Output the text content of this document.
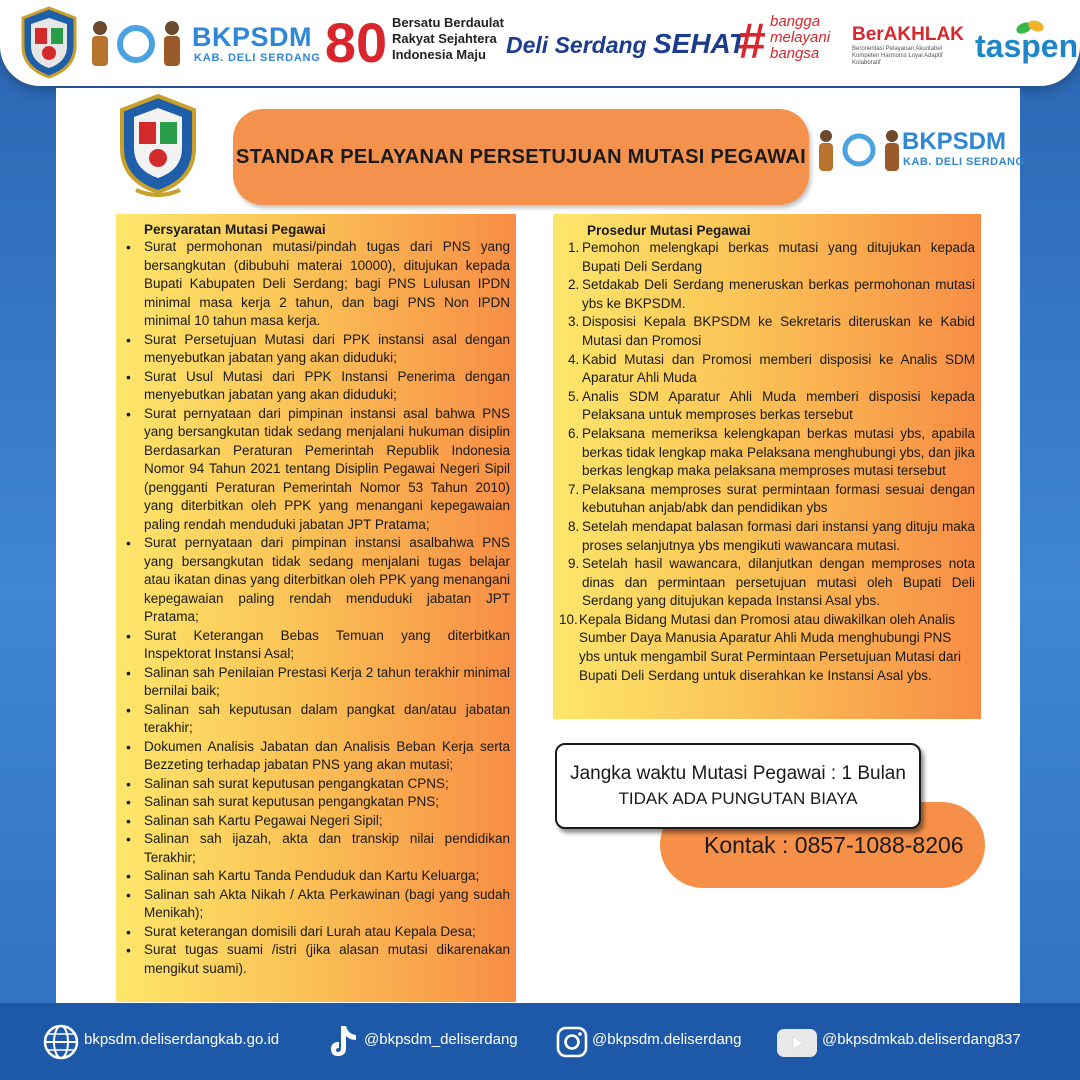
BKPSDM
KAB. DELI SERDANG 80 Bersatu Berdaulat
Rakyat Sejahtera
Indonesia Maju Deli Serdang SEHAT
# bangga
melayani
bangsa
BerAKHLAK
Berorientasi Pelayanan Akuntabel Kompeten Harmonis Loyal Adaptif Kolaboratif	taspen
STANDAR PELAYANAN PERSETUJUAN MUTASI PEGAWAI
BKPSDM
KAB. DELI SERDANG
Persyaratan Mutasi Pegawai
• Surat permohonan mutasi/pindah tugas dari PNS yang bersangkutan (dibubuhi materai 10000), ditujukan kepada Bupati Kabupaten Deli Serdang; bagi PNS Lulusan IPDN minimal masa kerja 2 tahun, dan bagi PNS Non IPDN minimal 10 tahun masa kerja.
• Surat Persetujuan Mutasi dari PPK instansi asal dengan menyebutkan jabatan yang akan diduduki;
• Surat Usul Mutasi dari PPK Instansi Penerima dengan menyebutkan jabatan yang akan diduduki;
• Surat pernyataan dari pimpinan instansi asal bahwa PNS yang bersangkutan tidak sedang menjalani hukuman disiplin Berdasarkan Peraturan Pemerintah Republik Indonesia Nomor 94 Tahun 2021 tentang Disiplin Pegawai Negeri Sipil (pengganti Peraturan Pemerintah Nomor 53 Tahun 2010) yang diterbitkan oleh PPK yang menangani kepegawaian paling rendah menduduki jabatan JPT Pratama;
• Surat pernyataan dari pimpinan instansi asalbahwa PNS yang bersangkutan tidak sedang menjalani tugas belajar atau ikatan dinas yang diterbitkan oleh PPK yang menangani kepegawaian paling rendah menduduki jabatan JPT Pratama;
• Surat Keterangan Bebas Temuan yang diterbitkan Inspektorat Instansi Asal;
• Salinan sah Penilaian Prestasi Kerja 2 tahun terakhir minimal bernilai baik;
• Salinan sah keputusan dalam pangkat dan/atau jabatan terakhir;
• Dokumen Analisis Jabatan dan Analisis Beban Kerja serta Bezzeting terhadap jabatan PNS yang akan mutasi;
• Salinan sah surat keputusan pengangkatan CPNS;
• Salinan sah surat keputusan pengangkatan PNS;
• Salinan sah Kartu Pegawai Negeri Sipil;
• Salinan sah ijazah, akta dan transkip nilai pendidikan Terakhir;
• Salinan sah Kartu Tanda Penduduk dan Kartu Keluarga;
• Salinan sah Akta Nikah / Akta Perkawinan (bagi yang sudah Menikah);
• Surat keterangan domisili dari Lurah atau Kepala Desa;
• Surat tugas suami /istri (jika alasan mutasi dikarenakan mengikut suami).
Prosedur Mutasi Pegawai
1. Pemohon melengkapi berkas mutasi yang ditujukan kepada Bupati Deli Serdang
2. Setdakab Deli Serdang meneruskan berkas permohonan mutasi ybs ke BKPSDM.
3. Disposisi Kepala BKPSDM ke Sekretaris diteruskan ke Kabid Mutasi dan Promosi
4. Kabid Mutasi dan Promosi memberi disposisi ke Analis SDM Aparatur Ahli Muda
5. Analis SDM Aparatur Ahli Muda memberi disposisi kepada Pelaksana untuk memproses berkas tersebut
6. Pelaksana memeriksa kelengkapan berkas mutasi ybs, apabila berkas tidak lengkap maka Pelaksana menghubungi ybs, dan jika berkas lengkap maka pelaksana memproses mutasi tersebut
7. Pelaksana memproses surat permintaan formasi sesuai dengan kebutuhan anjab/abk dan pendidikan ybs
8. Setelah mendapat balasan formasi dari instansi yang dituju maka proses selanjutnya ybs mengikuti wawancara mutasi.
9. Setelah hasil wawancara, dilanjutkan dengan memproses nota dinas dan permintaan persetujuan mutasi oleh Bupati Deli Serdang yang ditujukan kepada Instansi Asal ybs.
10. Kepala Bidang Mutasi dan Promosi atau diwakilkan oleh Analis Sumber Daya Manusia Aparatur Ahli Muda menghubungi PNS ybs untuk mengambil Surat Permintaan Persetujuan Mutasi dari Bupati Deli Serdang untuk diserahkan ke Instansi Asal ybs.
Kontak : 0857-1088-8206
Jangka waktu Mutasi Pegawai : 1 Bulan
TIDAK ADA PUNGUTAN BIAYA
bkpsdm.deliserdangkab.go.id	@bkpsdm_deliserdang	@bkpsdm.deliserdang	@bkpsdmkab.deliserdang837
